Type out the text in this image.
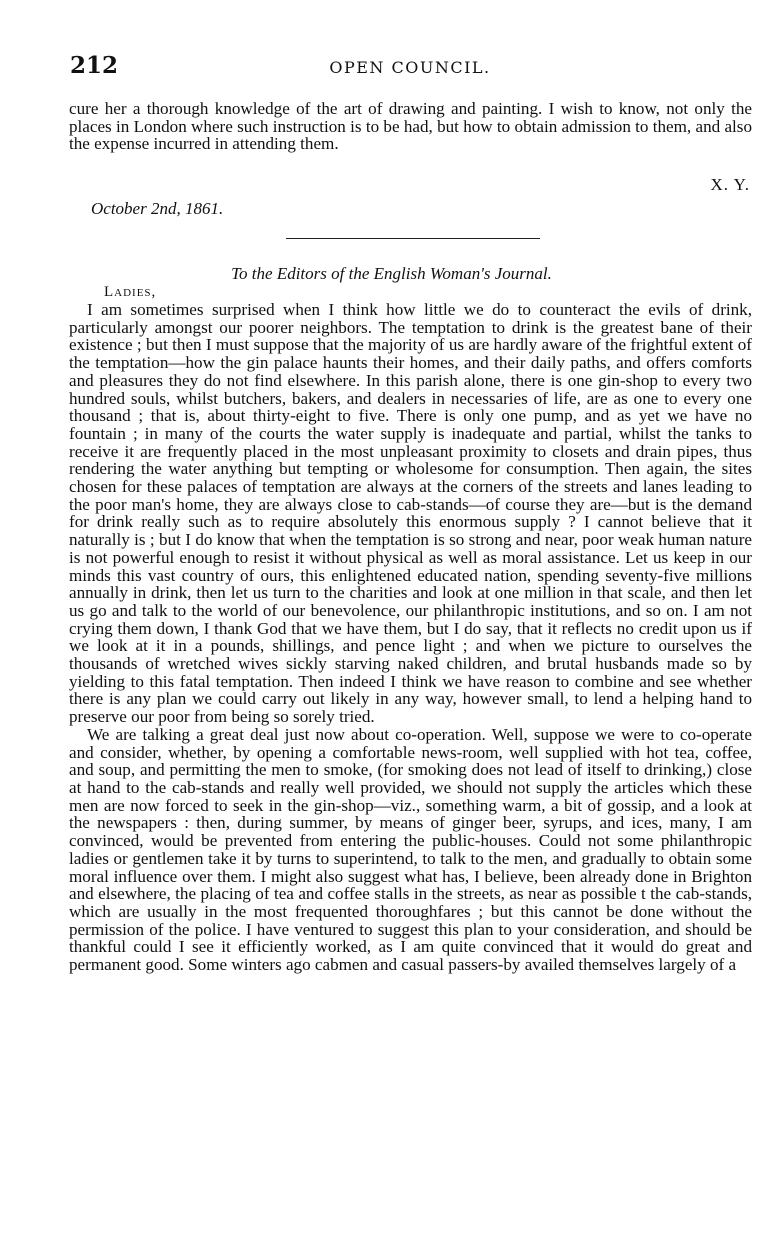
212	OPEN COUNCIL.

cure her a thorough knowledge of the art of drawing and painting. I wish to know, not only the places in London where such instruction is to be had, but how to obtain admission to them, and also the expense incurred in attending them.

X. Y.
October 2nd, 1861.
To the Editors of the English Woman's Journal.
Ladies,

I am sometimes surprised when I think how little we do to counteract the evils of drink, particularly amongst our poorer neighbors. The temptation to drink is the greatest bane of their existence ; but then I must suppose that the majority of us are hardly aware of the frightful extent of the temptation—how the gin palace haunts their homes, and their daily paths, and offers comforts and pleasures they do not find elsewhere. In this parish alone, there is one gin-shop to every two hundred souls, whilst butchers, bakers, and dealers in necessaries of life, are as one to every one thousand ; that is, about thirty-eight to five. There is only one pump, and as yet we have no fountain ; in many of the courts the water supply is inadequate and partial, whilst the tanks to receive it are frequently placed in the most unpleasant proximity to closets and drain pipes, thus rendering the water anything but tempting or wholesome for consumption. Then again, the sites chosen for these palaces of temptation are always at the corners of the streets and lanes leading to the poor man's home, they are always close to cab-stands—of course they are—but is the demand for drink really such as to require absolutely this enormous supply ? I cannot believe that it naturally is ; but I do know that when the temptation is so strong and near, poor weak human nature is not powerful enough to resist it without physical as well as moral assistance. Let us keep in our minds this vast country of ours, this enlightened educated nation, spending seventy-five millions annually in drink, then let us turn to the charities and look at one million in that scale, and then let us go and talk to the world of our benevolence, our philanthropic institutions, and so on. I am not crying them down, I thank God that we have them, but I do say, that it reflects no credit upon us if we look at it in a pounds, shillings, and pence light ; and when we picture to ourselves the thousands of wretched wives sickly starving naked children, and brutal husbands made so by yielding to this fatal temptation. Then indeed I think we have reason to combine and see whether there is any plan we could carry out likely in any way, however small, to lend a helping hand to preserve our poor from being so sorely tried.

We are talking a great deal just now about co-operation. Well, suppose we were to co-operate and consider, whether, by opening a comfortable news-room, well supplied with hot tea, coffee, and soup, and permitting the men to smoke, (for smoking does not lead of itself to drinking,) close at hand to the cab-stands and really well provided, we should not supply the articles which these men are now forced to seek in the gin-shop—viz., something warm, a bit of gossip, and a look at the newspapers : then, during summer, by means of ginger beer, syrups, and ices, many, I am convinced, would be prevented from entering the public-houses. Could not some philanthropic ladies or gentlemen take it by turns to superintend, to talk to the men, and gradually to obtain some moral influence over them. I might also suggest what has, I believe, been already done in Brighton and elsewhere, the placing of tea and coffee stalls in the streets, as near as possible t the cab-stands, which are usually in the most frequented thoroughfares ; but this cannot be done without the permission of the police. I have ventured to suggest this plan to your consideration, and should be thankful could I see it efficiently worked, as I am quite convinced that it would do great and permanent good. Some winters ago cabmen and casual passers-by availed themselves largely of a
